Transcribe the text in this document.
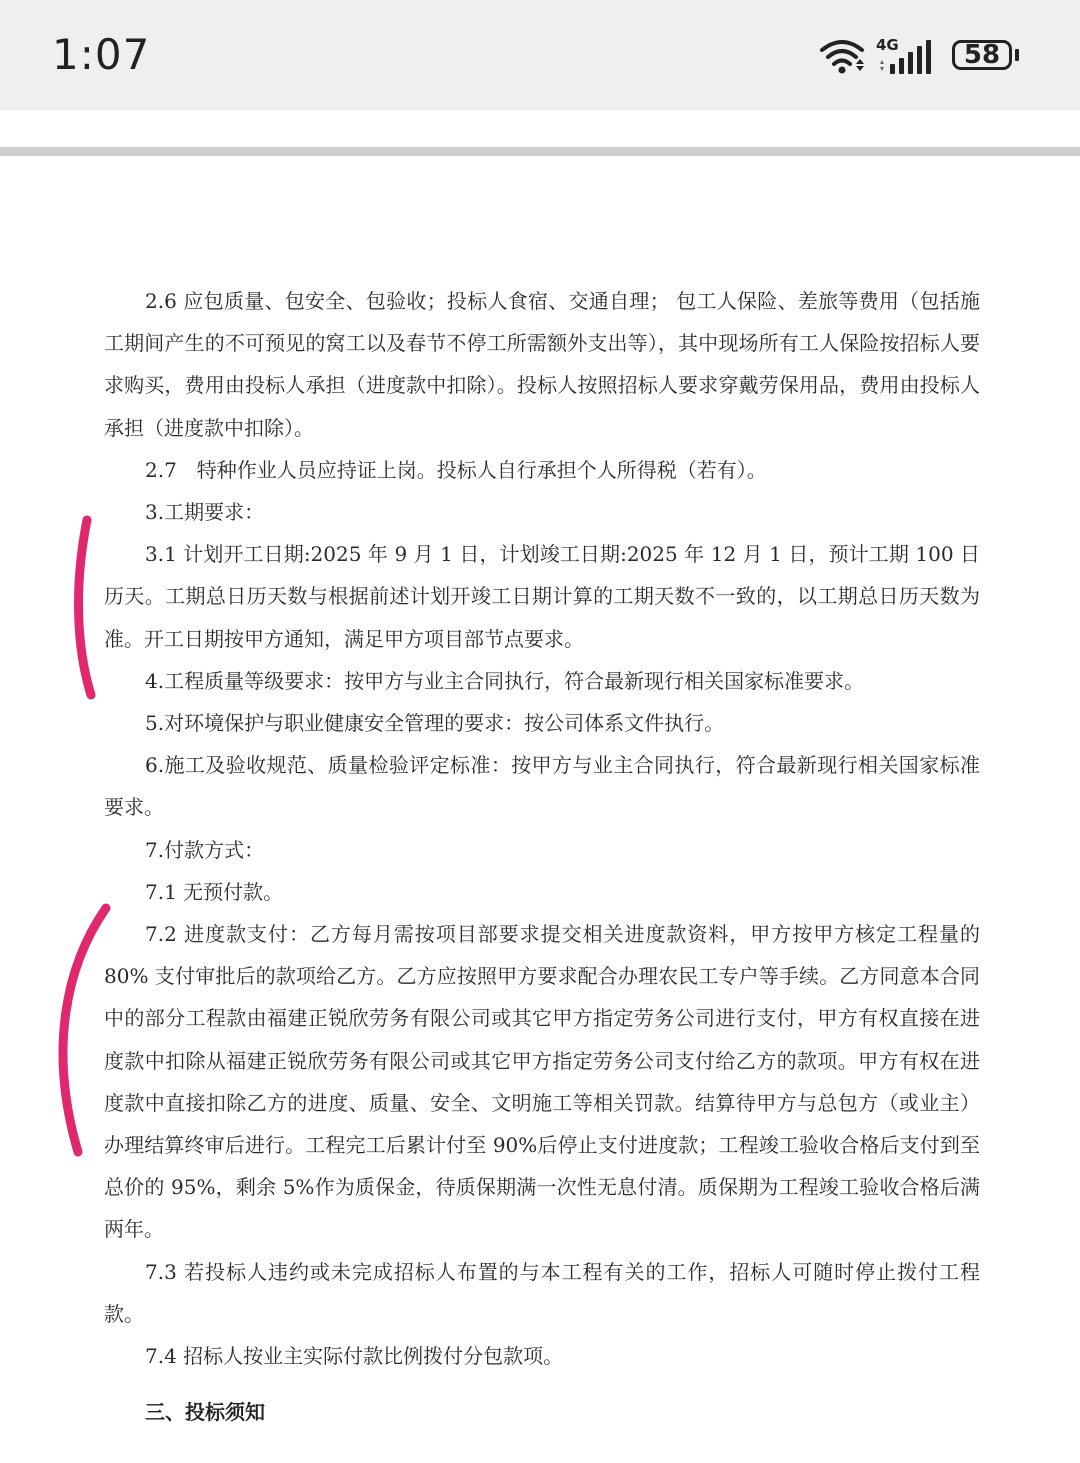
1:07	4G	58

2.6 应包质量、包安全、包验收；投标人食宿、交通自理； 包工人保险、差旅等费用（包括施工期间产生的不可预见的窝工以及春节不停工所需额外支出等），其中现场所有工人保险按招标人要求购买，费用由投标人承担（进度款中扣除）。投标人按照招标人要求穿戴劳保用品，费用由投标人承担（进度款中扣除）。

2.7　特种作业人员应持证上岗。投标人自行承担个人所得税（若有）。

3.工期要求：

3.1 计划开工日期:2025 年 9 月 1 日，计划竣工日期:2025 年 12 月 1 日，预计工期 100 日历天。工期总日历天数与根据前述计划开竣工日期计算的工期天数不一致的，以工期总日历天数为准。开工日期按甲方通知，满足甲方项目部节点要求。

4.工程质量等级要求：按甲方与业主合同执行，符合最新现行相关国家标准要求。

5.对环境保护与职业健康安全管理的要求：按公司体系文件执行。

6.施工及验收规范、质量检验评定标准：按甲方与业主合同执行，符合最新现行相关国家标准要求。

7.付款方式：

7.1 无预付款。

7.2 进度款支付：乙方每月需按项目部要求提交相关进度款资料，甲方按甲方核定工程量的 80% 支付审批后的款项给乙方。乙方应按照甲方要求配合办理农民工专户等手续。乙方同意本合同中的部分工程款由福建正锐欣劳务有限公司或其它甲方指定劳务公司进行支付，甲方有权直接在进度款中扣除从福建正锐欣劳务有限公司或其它甲方指定劳务公司支付给乙方的款项。甲方有权在进度款中直接扣除乙方的进度、质量、安全、文明施工等相关罚款。结算待甲方与总包方（或业主）办理结算终审后进行。工程完工后累计付至 90%后停止支付进度款；工程竣工验收合格后支付到至总价的 95%，剩余 5%作为质保金，待质保期满一次性无息付清。质保期为工程竣工验收合格后满两年。

7.3 若投标人违约或未完成招标人布置的与本工程有关的工作，招标人可随时停止拨付工程款。

7.4 招标人按业主实际付款比例拨付分包款项。

三、投标须知
